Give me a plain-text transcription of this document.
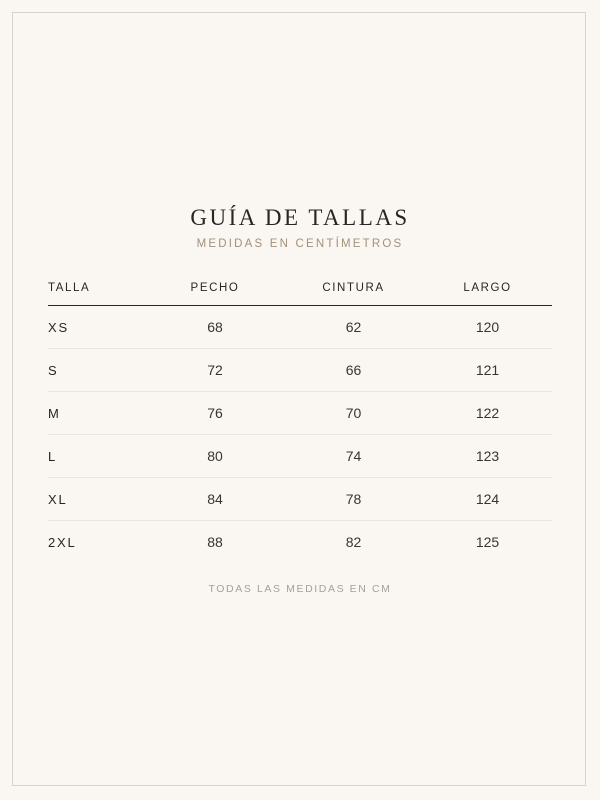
GUÍA DE TALLAS
MEDIDAS EN CENTÍMETROS
TALLA	PECHO	CINTURA	LARGO
XS	68	62	120
S	72	66	121
M	76	70	122
L	80	74	123
XL	84	78	124
2XL	88	82	125
TODAS LAS MEDIDAS EN CM
